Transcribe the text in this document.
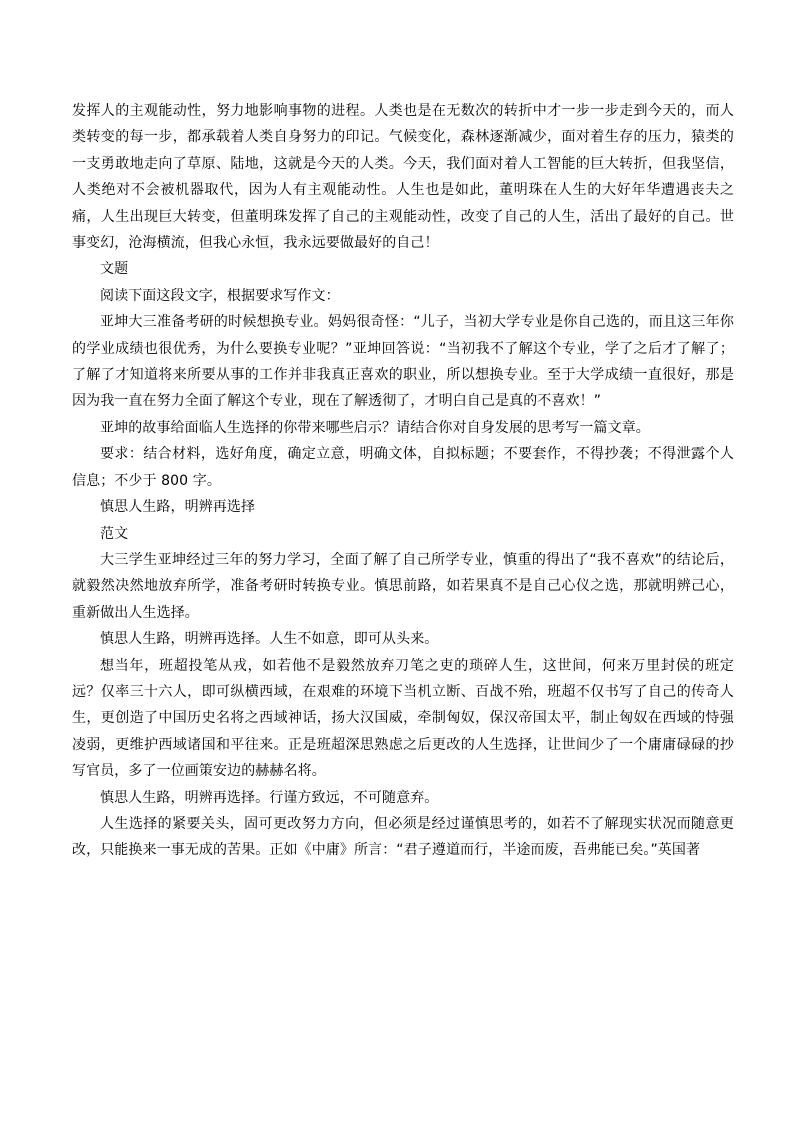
发挥人的主观能动性，努力地影响事物的进程。人类也是在无数次的转折中才一步一步走到今天的，而人类转变的每一步，都承载着人类自身努力的印记。气候变化，森林逐渐减少，面对着生存的压力，猿类的一支勇敢地走向了草原、陆地，这就是今天的人类。今天，我们面对着人工智能的巨大转折，但我坚信，人类绝对不会被机器取代，因为人有主观能动性。人生也是如此，董明珠在人生的大好年华遭遇丧夫之痛，人生出现巨大转变，但董明珠发挥了自己的主观能动性，改变了自己的人生，活出了最好的自己。世事变幻，沧海横流，但我心永恒，我永远要做最好的自己！

文题

阅读下面这段文字，根据要求写作文：

亚坤大三准备考研的时候想换专业。妈妈很奇怪：“儿子，当初大学专业是你自己选的，而且这三年你的学业成绩也很优秀，为什么要换专业呢？”亚坤回答说：“当初我不了解这个专业，学了之后才了解了；了解了才知道将来所要从事的工作并非我真正喜欢的职业，所以想换专业。至于大学成绩一直很好，那是因为我一直在努力全面了解这个专业，现在了解透彻了，才明白自己是真的不喜欢！”

亚坤的故事给面临人生选择的你带来哪些启示？请结合你对自身发展的思考写一篇文章。

要求：结合材料，选好角度，确定立意，明确文体，自拟标题；不要套作，不得抄袭；不得泄露个人信息；不少于 800 字。

慎思人生路，明辨再选择

范文

大三学生亚坤经过三年的努力学习，全面了解了自己所学专业，慎重的得出了“我不喜欢”的结论后，就毅然决然地放弃所学，准备考研时转换专业。慎思前路，如若果真不是自己心仪之选，那就明辨己心，重新做出人生选择。

慎思人生路，明辨再选择。人生不如意，即可从头来。

想当年，班超投笔从戎，如若他不是毅然放弃刀笔之吏的琐碎人生，这世间，何来万里封侯的班定远？仅率三十六人，即可纵横西域，在艰难的环境下当机立断、百战不殆，班超不仅书写了自己的传奇人生，更创造了中国历史名将之西域神话，扬大汉国威，牵制匈奴，保汉帝国太平，制止匈奴在西域的恃强凌弱，更维护西域诸国和平往来。正是班超深思熟虑之后更改的人生选择，让世间少了一个庸庸碌碌的抄写官员，多了一位画策安边的赫赫名将。

慎思人生路，明辨再选择。行谨方致远，不可随意弃。

人生选择的紧要关头，固可更改努力方向，但必须是经过谨慎思考的，如若不了解现实状况而随意更改，只能换来一事无成的苦果。正如《中庸》所言：“君子遵道而行，半途而废，吾弗能已矣。”英国著
